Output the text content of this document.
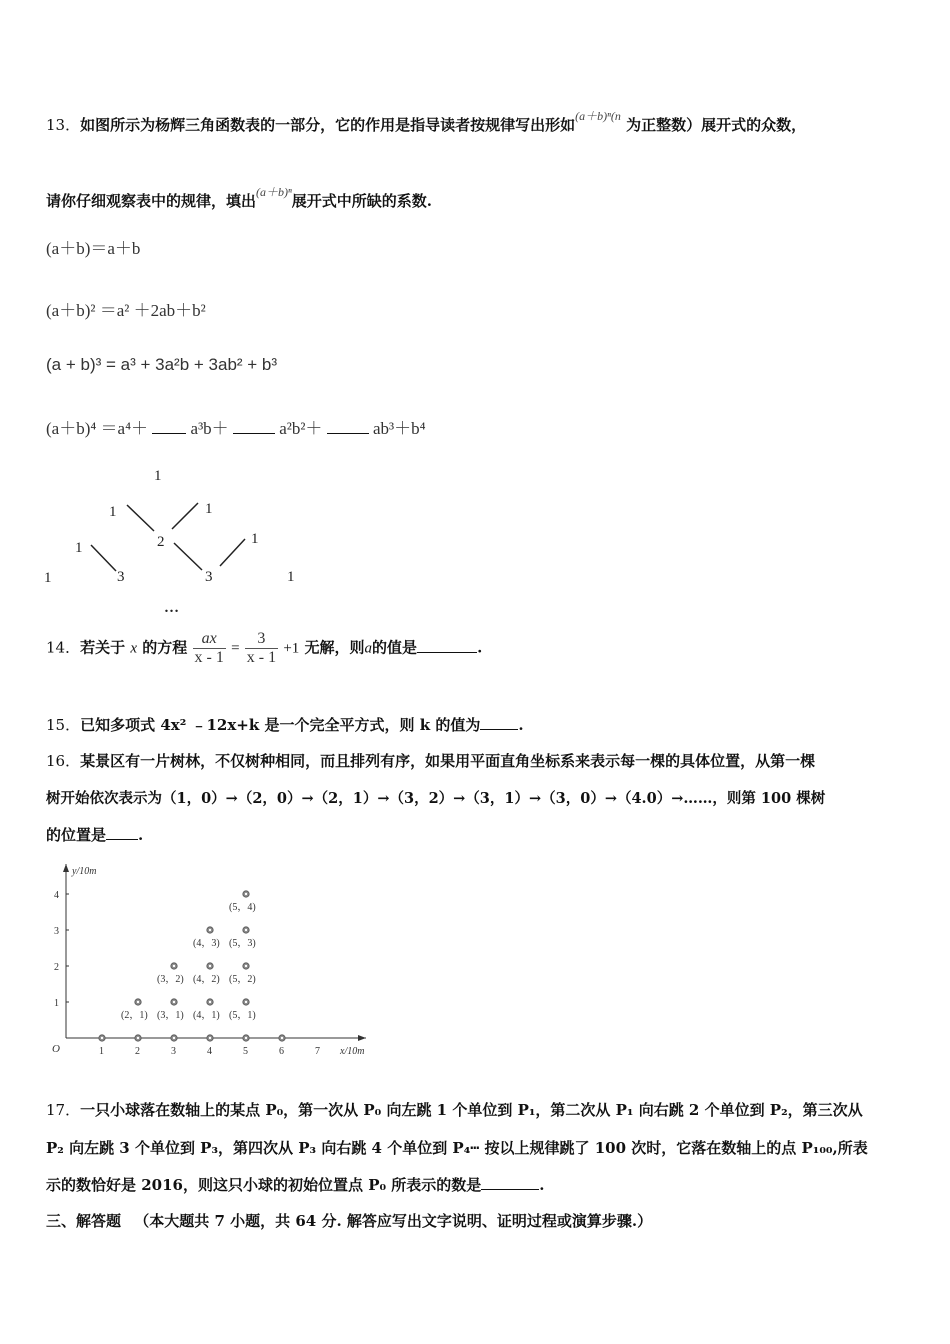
13．如图所示为杨辉三角函数表的一部分，它的作用是指导读者按规律写出形如$^{(a+b)^n(n}$ 为正整数）展开式的众数，
请你仔细观察表中的规律，填出$^{(a+b)^n}$展开式中所缺的系数.
(a＋b)＝a＋b
(a＋b)² ＝a² ＋2ab＋b²
(a + b)³ = a³ + 3a²b + 3ab² + b³
(a＋b)⁴ ＝a⁴＋	a³b＋	a²b²＋	ab³＋b⁴
1
1	1
1	2	1
1	3	3	1
…
14．若关于 x 的方程 $\frac{ax}{x - 1} = \frac{3}{x - 1} +1$ 无解，则a的值是	.
15．已知多项式 4x² ﹣12x+k 是一个完全平方式，则 k 的值为	.
16．某景区有一片树林，不仅树种相同，而且排列有序，如果用平面直角坐标系来表示每一棵的具体位置，从第一棵
树开始依次表示为（1，0）→（2，0）→（2，1）→（3，2）→（3，1）→（3，0）→（4.0）→……，则第 100 棵树
的位置是 .
y/10m
x/10m
O	1	2	3	4	5	6	7
1
2
3
4
(2，1) (3，1) (4，1) (5，1)
(3，2) (4，2) (5，2)
(4，3) (5，3)
(5，4)
17．一只小球落在数轴上的某点 P₀，第一次从 P₀ 向左跳 1 个单位到 P₁，第二次从 P₁ 向右跳 2 个单位到 P₂，第三次从
P₂ 向左跳 3 个单位到 P₃，第四次从 P₃ 向右跳 4 个单位到 P₄┅ 按以上规律跳了 100 次时，它落在数轴上的点 P₁₀₀,所表
示的数恰好是 2016，则这只小球的初始位置点 P₀ 所表示的数是	.
三、解答题 （本大题共 7 小题，共 64 分. 解答应写出文字说明、证明过程或演算步骤.）
